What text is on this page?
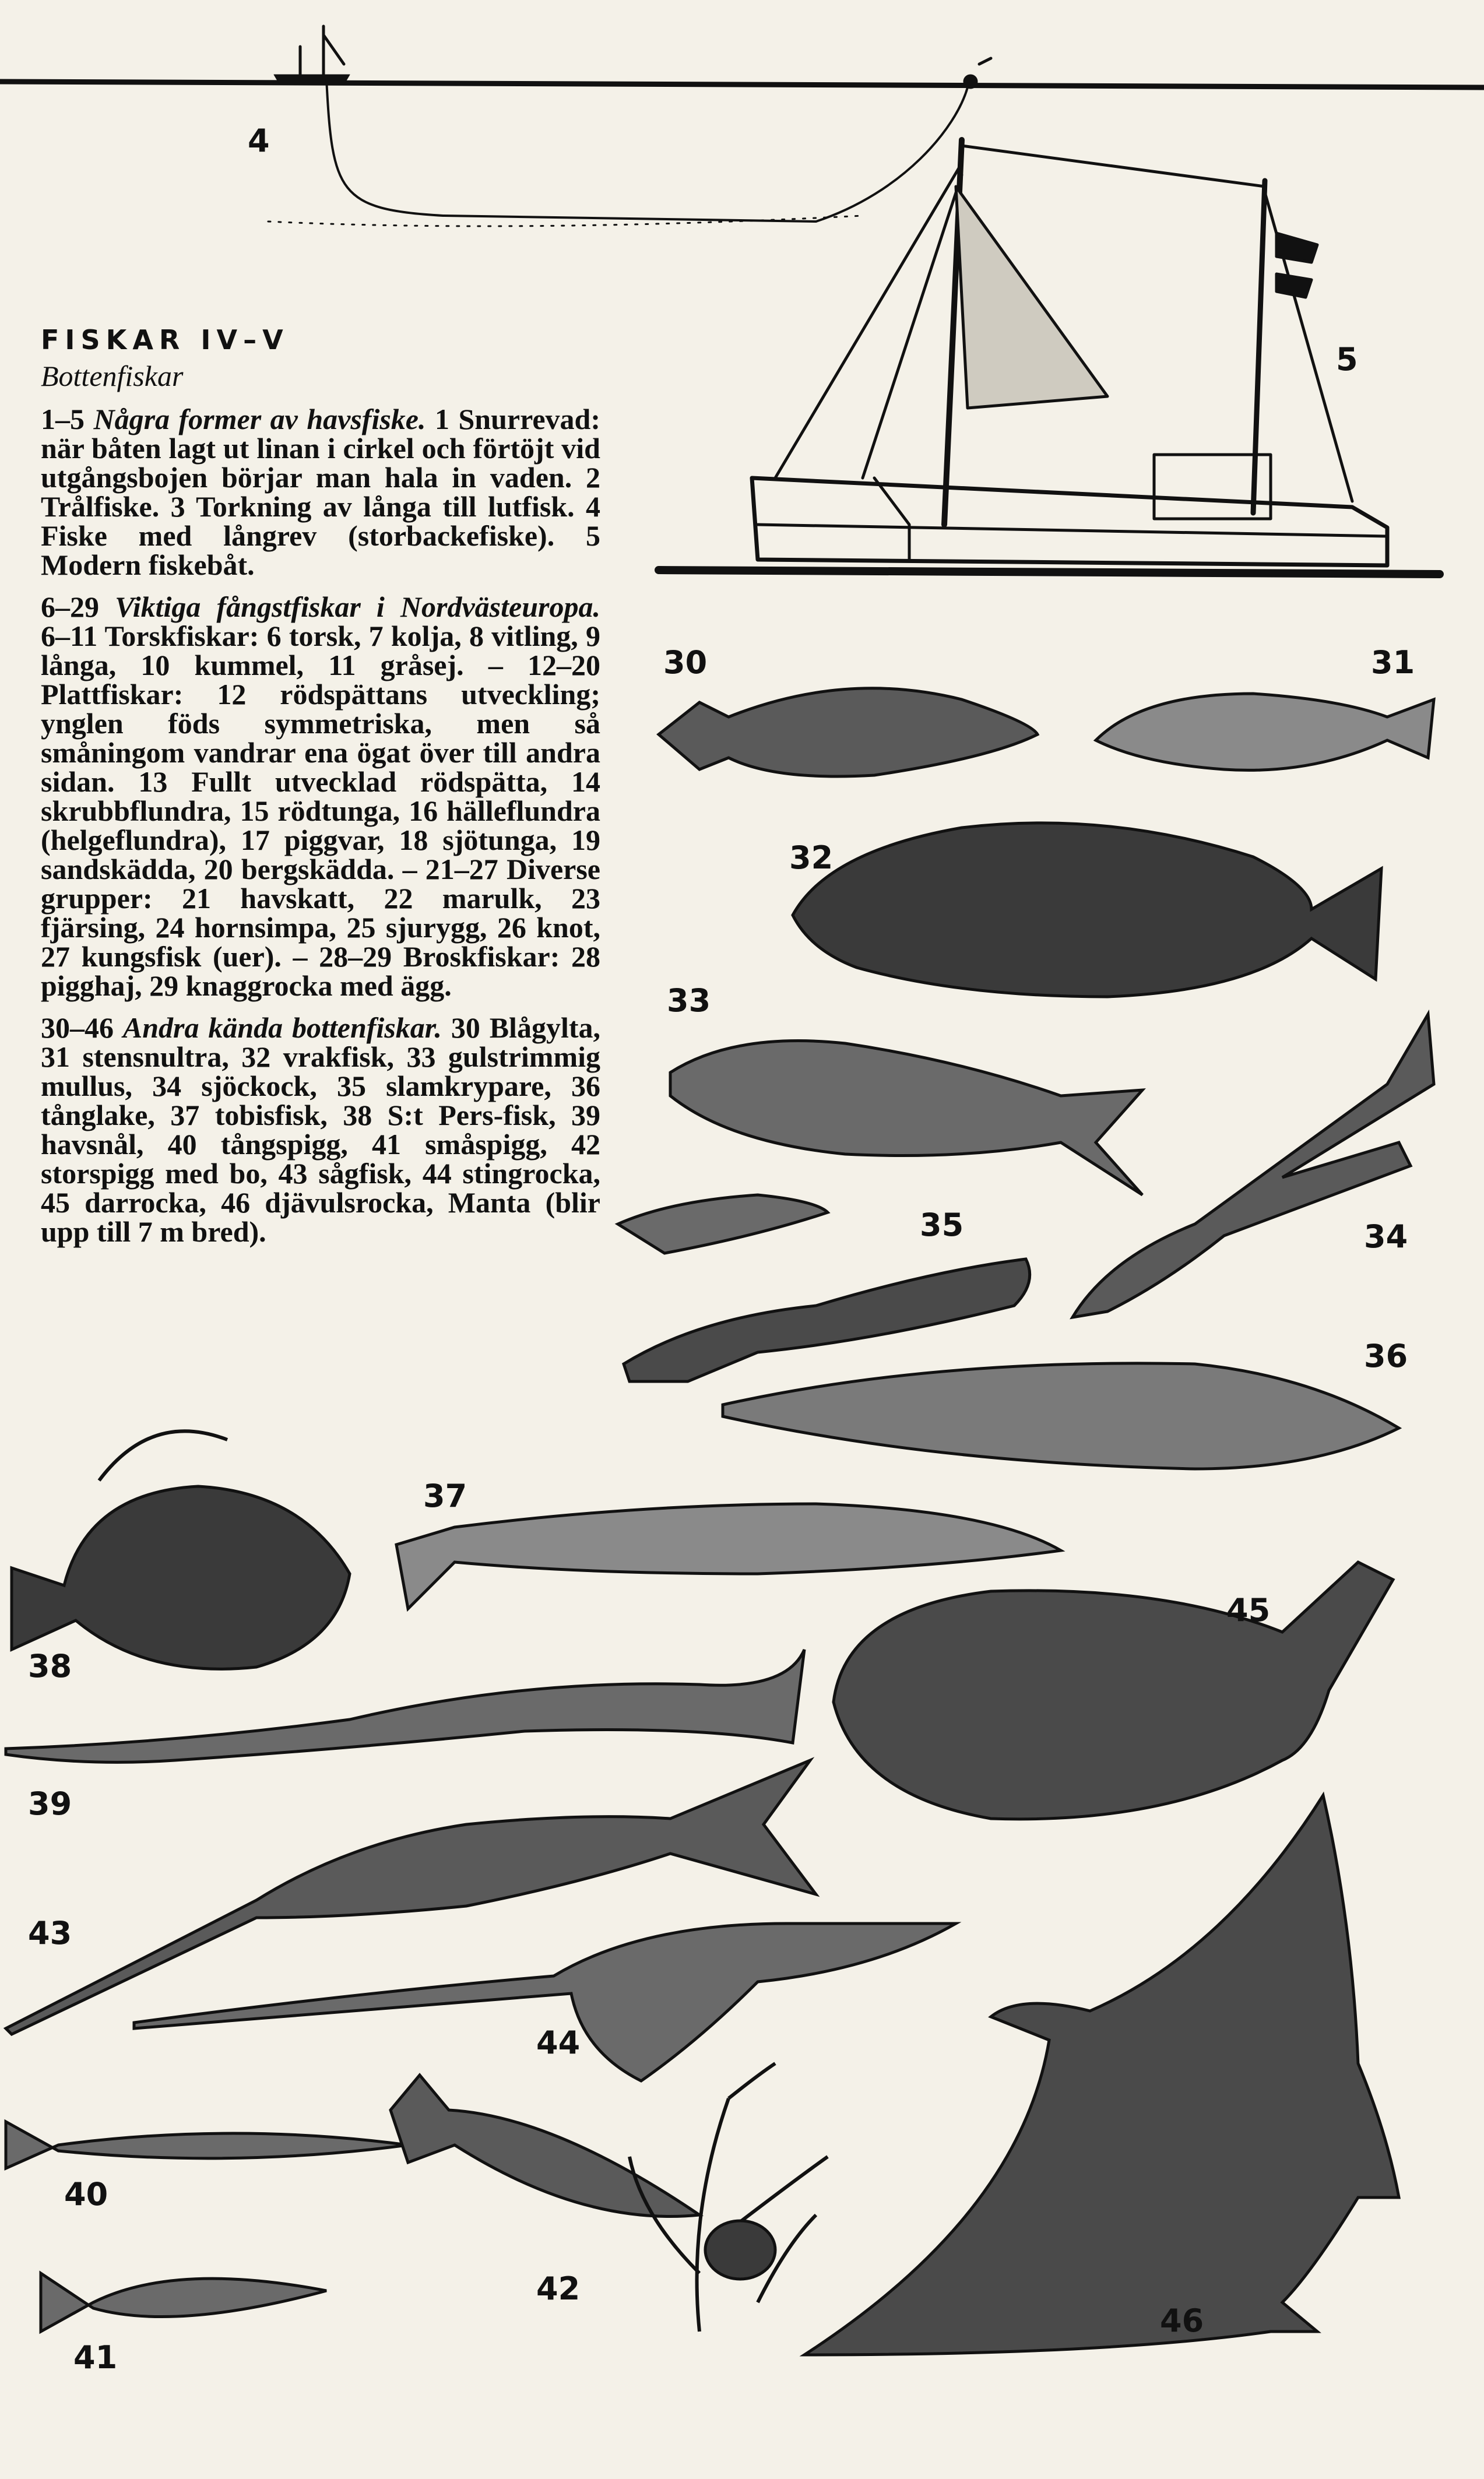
4
5
30	31
32
33
34
35
36
37
38
39
43
44
45
40
42
41
46
FISKAR IV–V
Bottenfiskar
1–5 Några former av havsfiske. 1 Snurrevad: när båten lagt ut linan i cirkel och förtöjt vid utgångsbojen börjar man hala in vaden. 2 Trålfiske. 3 Torkning av långa till lutfisk. 4 Fiske med långrev (storbackefiske). 5 Modern fiskebåt.
6–29 Viktiga fångstfiskar i Nordvästeuropa. 6–11 Torskfiskar: 6 torsk, 7 kolja, 8 vitling, 9 långa, 10 kummel, 11 gråsej. – 12–20 Plattfiskar: 12 rödspättans utveckling; ynglen föds symmetriska, men så småningom vandrar ena ögat över till andra sidan. 13 Fullt utvecklad rödspätta, 14 skrubbflundra, 15 rödtunga, 16 hälleflundra (helgeflundra), 17 piggvar, 18 sjötunga, 19 sandskädda, 20 bergskädda. – 21–27 Diverse grupper: 21 havskatt, 22 marulk, 23 fjärsing, 24 hornsimpa, 25 sjurygg, 26 knot, 27 kungsfisk (uer). – 28–29 Broskfiskar: 28 pigghaj, 29 knaggrocka med ägg.
30–46 Andra kända bottenfiskar. 30 Blågylta, 31 stensnultra, 32 vrakfisk, 33 gulstrimmig mullus, 34 sjöckock, 35 slamkrypare, 36 tånglake, 37 tobisfisk, 38 S:t Pers-fisk, 39 havsnål, 40 tångspigg, 41 småspigg, 42 storspigg med bo, 43 sågfisk, 44 stingrocka, 45 darrocka, 46 djävulsrocka, Manta (blir upp till 7 m bred).
